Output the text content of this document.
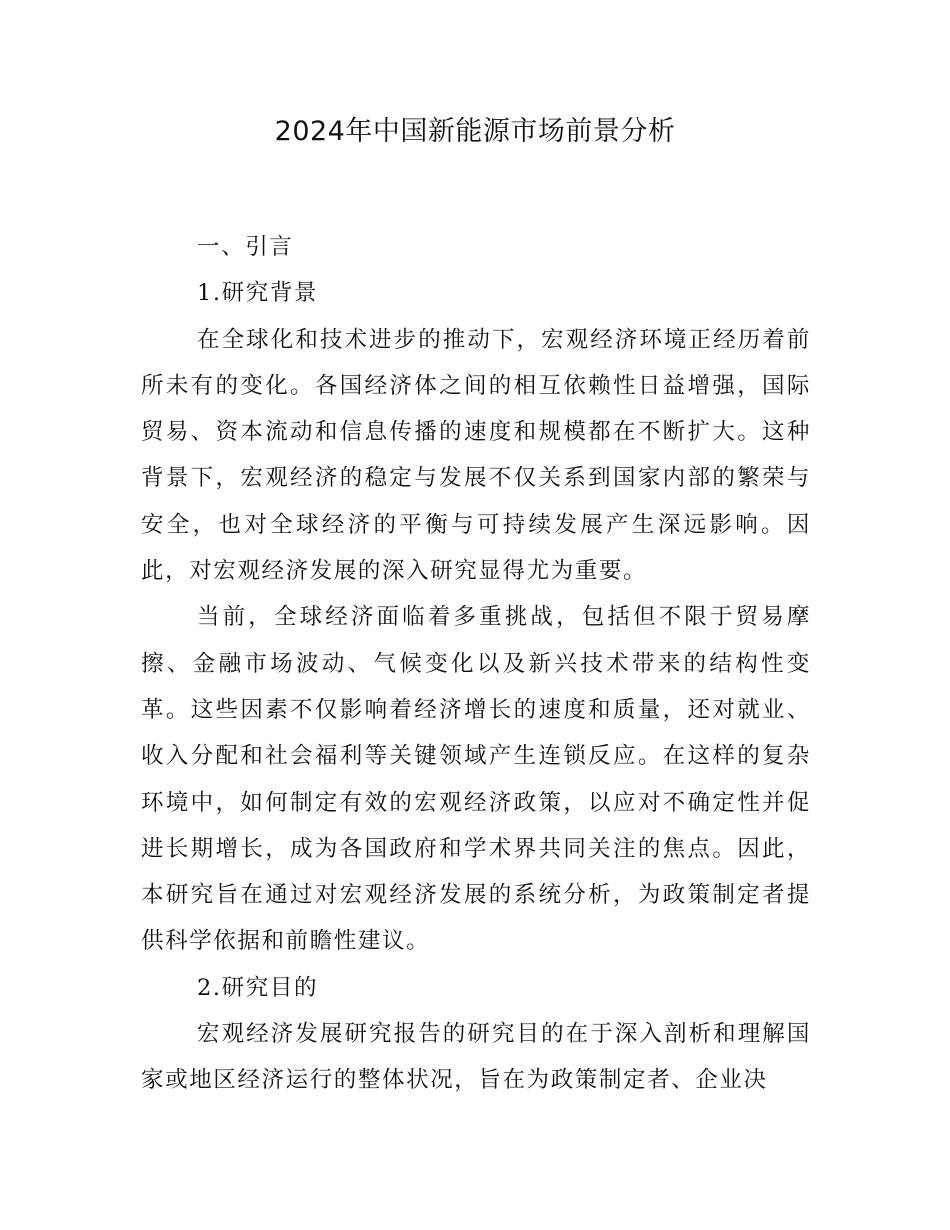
2024年中国新能源市场前景分析
一、引言
1.研究背景

在全球化和技术进步的推动下，宏观经济环境正经历着前所未有的变化。各国经济体之间的相互依赖性日益增强，国际贸易、资本流动和信息传播的速度和规模都在不断扩大。这种背景下，宏观经济的稳定与发展不仅关系到国家内部的繁荣与安全，也对全球经济的平衡与可持续发展产生深远影响。因此，对宏观经济发展的深入研究显得尤为重要。

当前，全球经济面临着多重挑战，包括但不限于贸易摩擦、金融市场波动、气候变化以及新兴技术带来的结构性变革。这些因素不仅影响着经济增长的速度和质量，还对就业、收入分配和社会福利等关键领域产生连锁反应。在这样的复杂环境中，如何制定有效的宏观经济政策，以应对不确定性并促进长期增长，成为各国政府和学术界共同关注的焦点。因此，本研究旨在通过对宏观经济发展的系统分析，为政策制定者提供科学依据和前瞻性建议。

2.研究目的

宏观经济发展研究报告的研究目的在于深入剖析和理解国家或地区经济运行的整体状况，旨在为政策制定者、企业决
